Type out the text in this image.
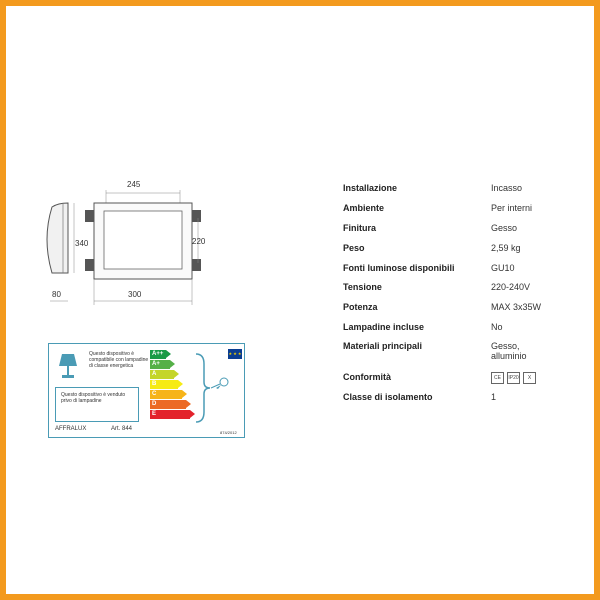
245
340	220
80	300
Installazione	Incasso
Ambiente	Per interni
Finitura	Gesso
Peso	2,59 kg
Fonti luminose disponibili	GU10
Tensione	220-240V
Potenza	MAX 3x35W
Lampadine incluse	No
Materiali principali	Gesso,
alluminio
Conformità	CE IP20 X
Classe di isolamento	1
Questo dispositivo è compatibile con lampadine di classe energetica
Questo dispositivo è venduto privo di lampadine
A++
A+
A
B
C
D
E
★ ★ ★
AFFRALUX	Art. 844
874/2012
